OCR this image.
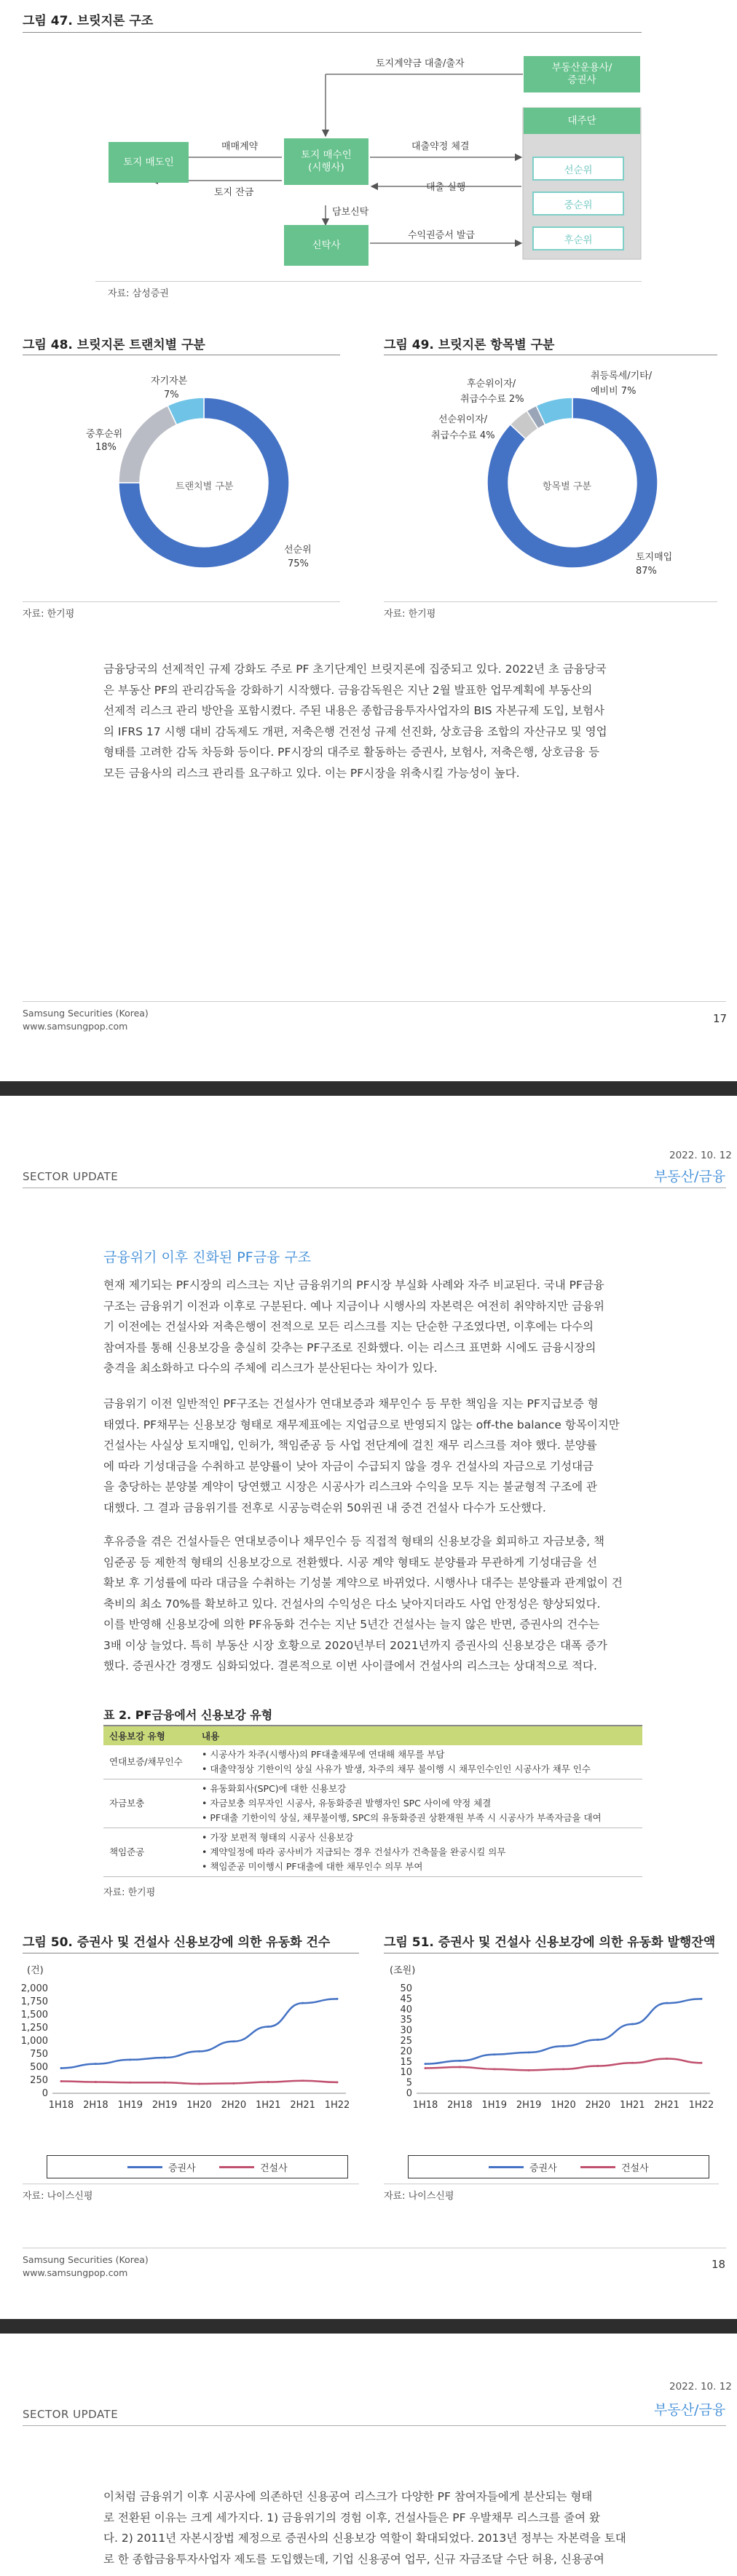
그림 47. 브릿지론 구조
부동산운용사/
증권사
대주단
선순위
중순위
후순위
토지 매도인
토지 매수인
(시행사)
신탁사
토지계약금 대출/출자
매매계약
토지 잔금
대출약정 체결
대출 실행
담보신탁
수익권증서 발급
자료: 삼성증권
그림 48. 브릿지론 트랜치별 구분
트랜치별 구분
자기자본
7%
중후순위
18%
선순위
75%
자료: 한기평
그림 49. 브릿지론 항목별 구분
항목별 구분
취등록세/기타/
예비비 7%
후순위이자/
취급수수료 2%
선순위이자/
취급수수료 4%
토지매입
87%
자료: 한기평
금융당국의 선제적인 규제 강화도 주로 PF 초기단계인 브릿지론에 집중되고 있다. 2022년 초 금융당국
은 부동산 PF의 관리감독을 강화하기 시작했다. 금융감독원은 지난 2월 발표한 업무계획에 부동산의
선제적 리스크 관리 방안을 포함시켰다. 주된 내용은 종합금융투자사업자의 BIS 자본규제 도입, 보험사
의 IFRS 17 시행 대비 감독제도 개편, 저축은행 건전성 규제 선진화, 상호금융 조합의 자산규모 및 영업
형태를 고려한 감독 차등화 등이다. PF시장의 대주로 활동하는 증권사, 보험사, 저축은행, 상호금융 등
모든 금융사의 리스크 관리를 요구하고 있다. 이는 PF시장을 위축시킬 가능성이 높다.
Samsung Securities (Korea)
www.samsungpop.com
17
2022. 10. 12
SECTOR UPDATE	부동산/금융
금융위기 이후 진화된 PF금융 구조
현재 제기되는 PF시장의 리스크는 지난 금융위기의 PF시장 부실화 사례와 자주 비교된다. 국내 PF금융
구조는 금융위기 이전과 이후로 구분된다. 예나 지금이나 시행사의 자본력은 여전히 취약하지만 금융위
기 이전에는 건설사와 저축은행이 전적으로 모든 리스크를 지는 단순한 구조였다면, 이후에는 다수의
참여자를 통해 신용보강을 충실히 갖추는 PF구조로 진화했다. 이는 리스크 표면화 시에도 금융시장의
충격을 최소화하고 다수의 주체에 리스크가 분산된다는 차이가 있다.
금융위기 이전 일반적인 PF구조는 건설사가 연대보증과 채무인수 등 무한 책임을 지는 PF지급보증 형
태였다. PF채무는 신용보강 형태로 재무제표에는 지업금으로 반영되지 않는 off-the balance 항목이지만
건설사는 사실상 토지매입, 인허가, 책임준공 등 사업 전단계에 걸친 재무 리스크를 져야 했다. 분양률
에 따라 기성대금을 수취하고 분양률이 낮아 자금이 수급되지 않을 경우 건설사의 자금으로 기성대금
을 충당하는 분양불 계약이 당연했고 시장은 시공사가 리스크와 수익을 모두 지는 불균형적 구조에 관
대했다. 그 결과 금융위기를 전후로 시공능력순위 50위권 내 중견 건설사 다수가 도산했다.
후유증을 겪은 건설사들은 연대보증이나 채무인수 등 직접적 형태의 신용보강을 회피하고 자금보충, 책
임준공 등 제한적 형태의 신용보강으로 전환했다. 시공 계약 형태도 분양률과 무관하게 기성대금을 선
확보 후 기성률에 따라 대금을 수취하는 기성불 계약으로 바뀌었다. 시행사나 대주는 분양률과 관계없이 건
축비의 최소 70%를 확보하고 있다. 건설사의 수익성은 다소 낮아지더라도 사업 안정성은 향상되었다.
이를 반영해 신용보강에 의한 PF유동화 건수는 지난 5년간 건설사는 늘지 않은 반면, 증권사의 건수는
3배 이상 늘었다. 특히 부동산 시장 호황으로 2020년부터 2021년까지 증권사의 신용보강은 대폭 증가
했다. 증권사간 경쟁도 심화되었다. 결론적으로 이번 사이클에서 건설사의 리스크는 상대적으로 적다.
표 2. PF금융에서 신용보강 유형
신용보강 유형	내용
연대보증/채무인수	• 시공사가 차주(시행사)의 PF대출채무에 연대해 채무를 부담
• 대출약정상 기한이익 상실 사유가 발생, 차주의 채무 불이행 시 채무인수인인 시공사가 채무 인수
자금보충	• 유동화회사(SPC)에 대한 신용보강
• 자금보충 의무자인 시공사, 유동화증권 발행자인 SPC 사이에 약정 체결
• PF대출 기한이익 상실, 채무불이행, SPC의 유동화증권 상환재원 부족 시 시공사가 부족자금을 대여
책임준공	• 가장 보편적 형태의 시공사 신용보강
• 계약일정에 따라 공사비가 지급되는 경우 건설사가 건축물을 완공시킬 의무
• 책임준공 미이행시 PF대출에 대한 채무인수 의무 부여
자료: 한기평
그림 50. 증권사 및 건설사 신용보강에 의한 유동화 건수
(건)
0
250
500
750
1,000
1,250
1,500
1,750
2,000
1H18 2H18 1H19 2H19 1H20 2H20 1H21 2H21 1H22
증권사	건설사
자료: 나이스신평
그림 51. 증권사 및 건설사 신용보강에 의한 유동화 발행잔액
(조원)
0
5
10
15
20
25
30
35
40
45
50
1H18 2H18 1H19 2H19 1H20 2H20 1H21 2H21 1H22
증권사	건설사
자료: 나이스신평
Samsung Securities (Korea)
www.samsungpop.com
18
2022. 10. 12
SECTOR UPDATE	부동산/금융
이처럼 금융위기 이후 시공사에 의존하던 신용공여 리스크가 다양한 PF 참여자들에게 분산되는 형태
로 전환된 이유는 크게 세가지다. 1) 금융위기의 경험 이후, 건설사들은 PF 우발채무 리스크를 줄여 왔
다. 2) 2011년 자본시장법 제정으로 증권사의 신용보강 역할이 확대되었다. 2013년 정부는 자본력을 토대
로 한 종합금융투자사업자 제도를 도입했는데, 기업 신용공여 업무, 신규 자금조달 수단 허용, 신용공여
